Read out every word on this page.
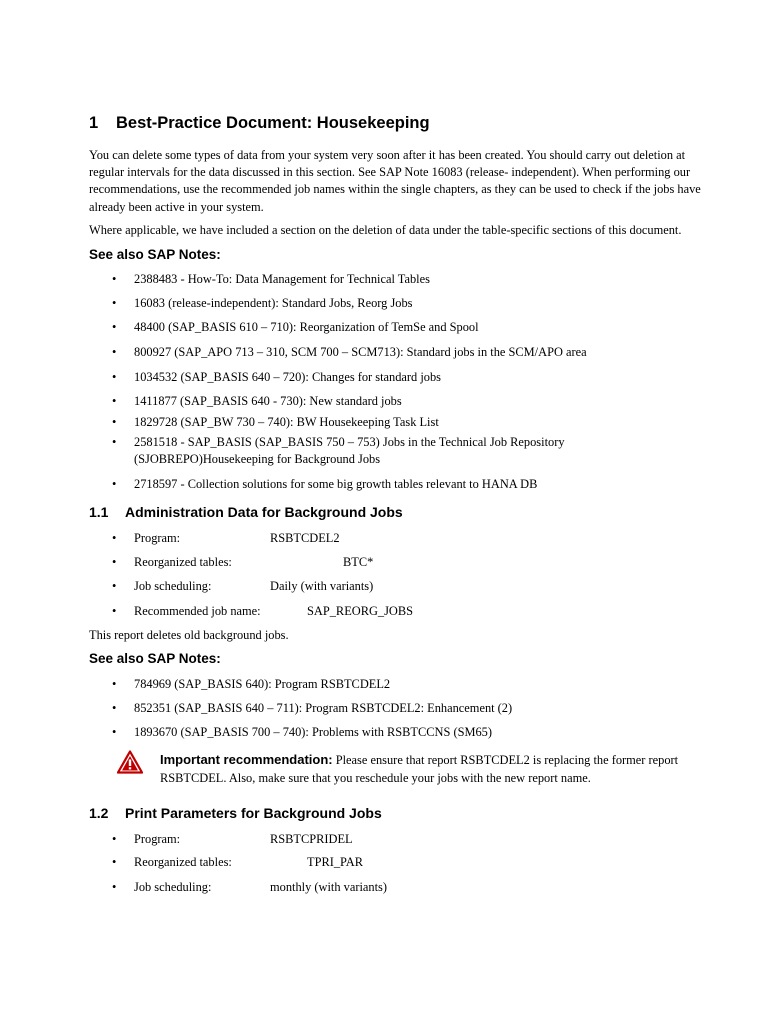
1 Best-Practice Document: Housekeeping

You can delete some types of data from your system very soon after it has been created. You should carry out deletion at regular intervals for the data discussed in this section. See SAP Note 16083 (release- independent). When performing our recommendations, use the recommended job names within the single chapters, as they can be used to check if the jobs have already been active in your system.

Where applicable, we have included a section on the deletion of data under the table-specific sections of this document.

See also SAP Notes:
• 2388483 - How-To: Data Management for Technical Tables
• 16083 (release-independent): Standard Jobs, Reorg Jobs
• 48400 (SAP_BASIS 610 – 710): Reorganization of TemSe and Spool
• 800927 (SAP_APO 713 – 310, SCM 700 – SCM713): Standard jobs in the SCM/APO area
• 1034532 (SAP_BASIS 640 – 720): Changes for standard jobs
• 1411877 (SAP_BASIS 640 - 730): New standard jobs
• 1829728 (SAP_BW 730 – 740): BW Housekeeping Task List
• 2581518 - SAP_BASIS (SAP_BASIS 750 – 753) Jobs in the Technical Job Repository (SJOBREPO)Housekeeping for Background Jobs
• 2718597 - Collection solutions for some big growth tables relevant to HANA DB
1.1 Administration Data for Background Jobs
• Program:	RSBTCDEL2
• Reorganized tables:	BTC*
• Job scheduling:	Daily (with variants)
• Recommended job name:	SAP_REORG_JOBS

This report deletes old background jobs.

See also SAP Notes:
• 784969 (SAP_BASIS 640): Program RSBTCDEL2
• 852351 (SAP_BASIS 640 – 711): Program RSBTCDEL2: Enhancement (2)
• 1893670 (SAP_BASIS 700 – 740): Problems with RSBTCCNS (SM65)

Important recommendation: Please ensure that report RSBTCDEL2 is replacing the former report RSBTCDEL. Also, make sure that you reschedule your jobs with the new report name.

1.2 Print Parameters for Background Jobs
• Program:	RSBTCPRIDEL
• Reorganized tables:	TPRI_PAR
• Job scheduling:	monthly (with variants)
